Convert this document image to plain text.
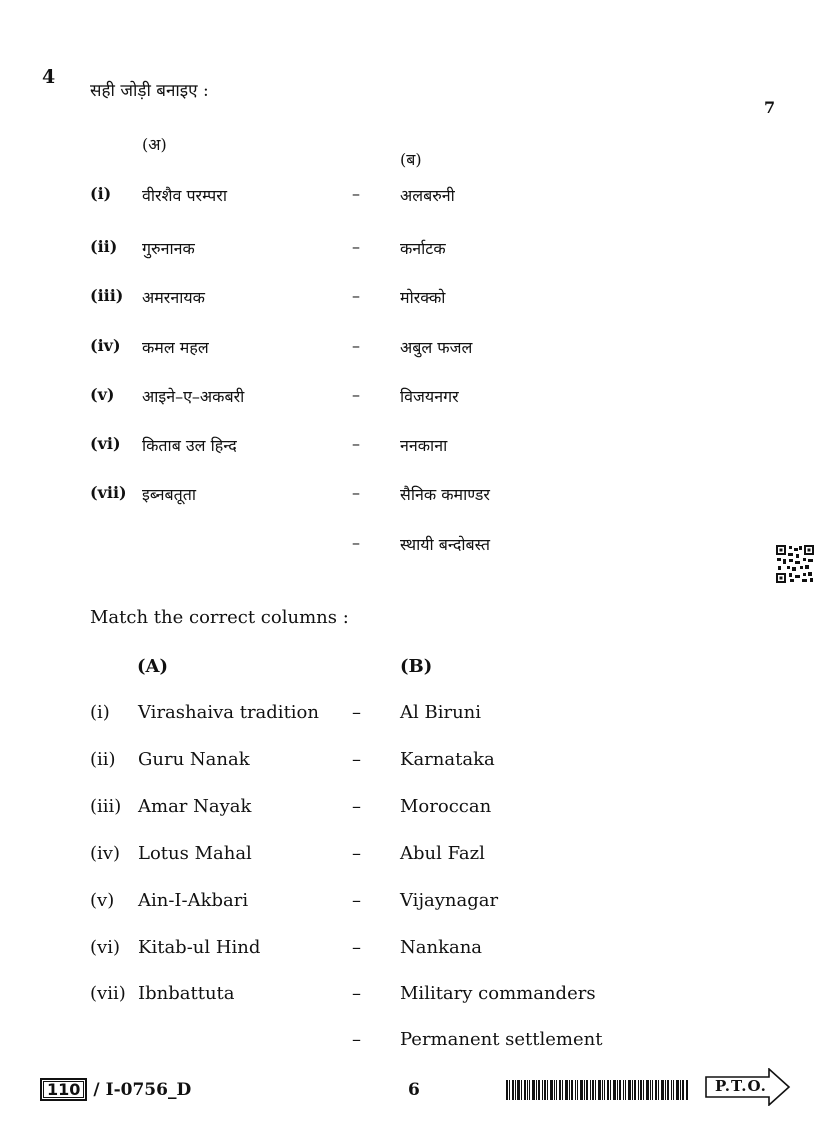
4
सही जोड़ी बनाइए :
7
(अ)
(ब)
(i) वीरशैव परम्परा	–	अलबरुनी
(ii) गुरुनानक	–	कर्नाटक
(iii) अमरनायक	–	मोरक्को
(iv) कमल महल	–	अबुल फजल
(v) आइने–ए–अकबरी	–	विजयनगर
(vi) किताब उल हिन्द	–	ननकाना
(vii) इब्नबतूता	–	सैनिक कमाण्डर
–	स्थायी बन्दोबस्त
Match the correct columns :
(A)	(B)
(i) Virashaiva tradition – Al Biruni
(ii) Guru Nanak	– Karnataka
(iii) Amar Nayak	– Moroccan
(iv) Lotus Mahal	– Abul Fazl
(v) Ain-I-Akbari	– Vijaynagar
(vi) Kitab-ul Hind	– Nankana
(vii) Ibnbattuta	– Military commanders
– Permanent settlement
110 / I-0756_D	6	P.T.O.
